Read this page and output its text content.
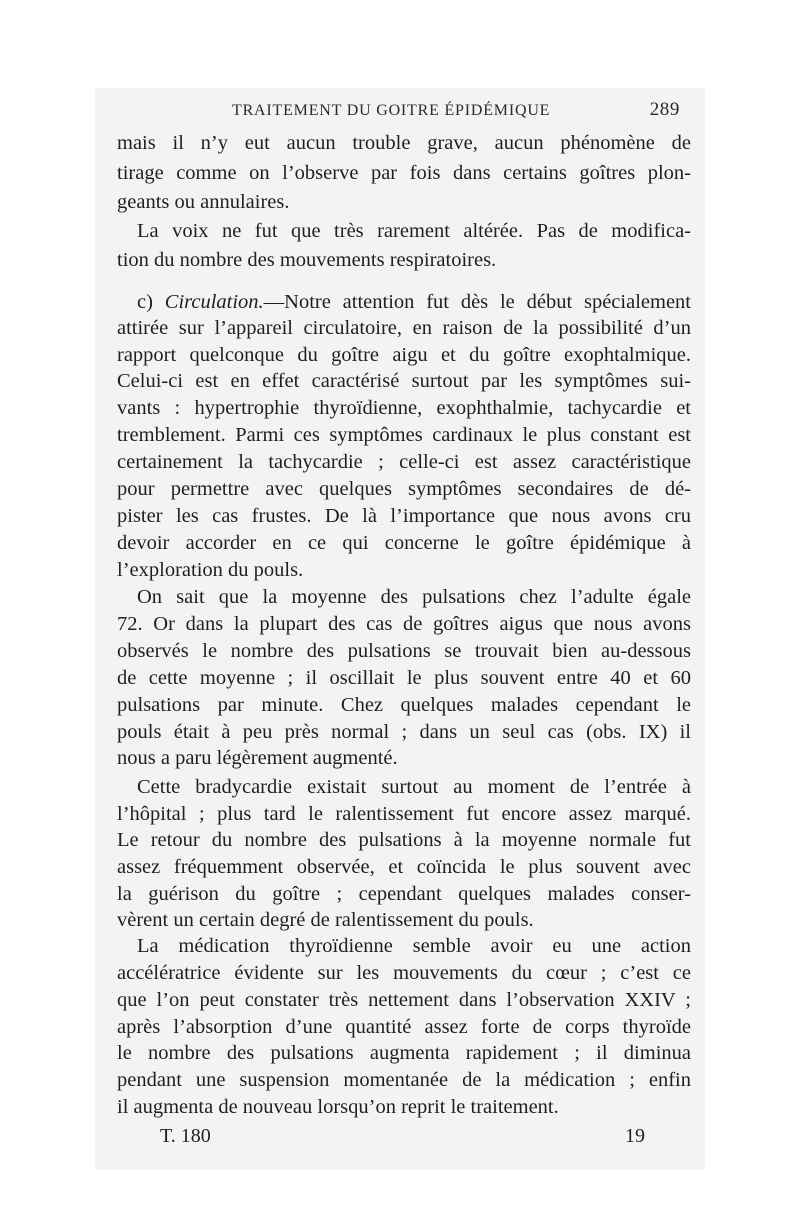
TRAITEMENT DU GOITRE ÉPIDÉMIQUE	289
mais il n’y eut aucun trouble grave, aucun phénomène de
tirage comme on l’observe par fois dans certains goîtres plon-
geants ou annulaires.
La voix ne fut que très rarement altérée. Pas de modifica-
tion du nombre des mouvements respiratoires.
c) Circulation.—Notre attention fut dès le début spécialement
attirée sur l’appareil circulatoire, en raison de la possibilité d’un
rapport quelconque du goître aigu et du goître exophtalmique.
Celui-ci est en effet caractérisé surtout par les symptômes sui-
vants : hypertrophie thyroïdienne, exophthalmie, tachycardie et
tremblement. Parmi ces symptômes cardinaux le plus constant est
certainement la tachycardie ; celle-ci est assez caractéristique
pour permettre avec quelques symptômes secondaires de dé-
pister les cas frustes. De là l’importance que nous avons cru
devoir accorder en ce qui concerne le goître épidémique à
l’exploration du pouls.
On sait que la moyenne des pulsations chez l’adulte égale
72. Or dans la plupart des cas de goîtres aigus que nous avons
observés le nombre des pulsations se trouvait bien au-dessous
de cette moyenne ; il oscillait le plus souvent entre 40 et 60
pulsations par minute. Chez quelques malades cependant le
pouls était à peu près normal ; dans un seul cas (obs. IX) il
nous a paru légèrement augmenté.
Cette bradycardie existait surtout au moment de l’entrée à
l’hôpital ; plus tard le ralentissement fut encore assez marqué.
Le retour du nombre des pulsations à la moyenne normale fut
assez fréquemment observée, et coïncida le plus souvent avec
la guérison du goître ; cependant quelques malades conser-
vèrent un certain degré de ralentissement du pouls.
La médication thyroïdienne semble avoir eu une action
accélératrice évidente sur les mouvements du cœur ; c’est ce
que l’on peut constater très nettement dans l’observation XXIV ;
après l’absorption d’une quantité assez forte de corps thyroïde
le nombre des pulsations augmenta rapidement ; il diminua
pendant une suspension momentanée de la médication ; enfin
il augmenta de nouveau lorsqu’on reprit le traitement.
T. 180	19
